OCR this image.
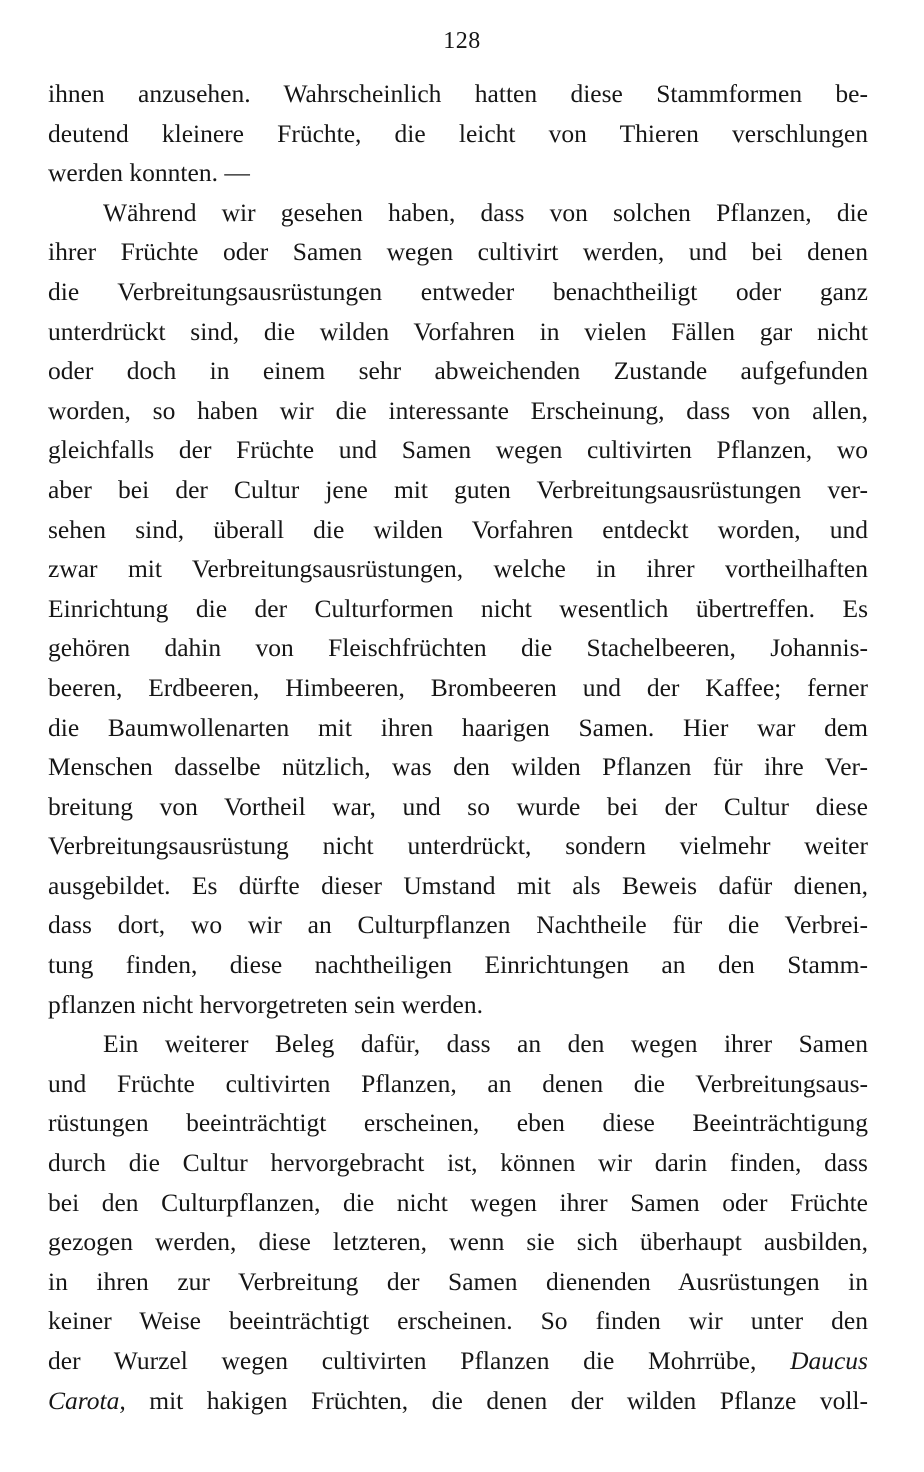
128
ihnen anzusehen. Wahrscheinlich hatten diese Stammformen be-
deutend kleinere Früchte, die leicht von Thieren verschlungen
werden konnten. —
Während wir gesehen haben, dass von solchen Pflanzen, die
ihrer Früchte oder Samen wegen cultivirt werden, und bei denen
die Verbreitungsausrüstungen entweder benachtheiligt oder ganz
unterdrückt sind, die wilden Vorfahren in vielen Fällen gar nicht
oder doch in einem sehr abweichenden Zustande aufgefunden
worden, so haben wir die interessante Erscheinung, dass von allen,
gleichfalls der Früchte und Samen wegen cultivirten Pflanzen, wo
aber bei der Cultur jene mit guten Verbreitungsausrüstungen ver-
sehen sind, überall die wilden Vorfahren entdeckt worden, und
zwar mit Verbreitungsausrüstungen, welche in ihrer vortheilhaften
Einrichtung die der Culturformen nicht wesentlich übertreffen. Es
gehören dahin von Fleischfrüchten die Stachelbeeren, Johannis-
beeren, Erdbeeren, Himbeeren, Brombeeren und der Kaffee; ferner
die Baumwollenarten mit ihren haarigen Samen. Hier war dem
Menschen dasselbe nützlich, was den wilden Pflanzen für ihre Ver-
breitung von Vortheil war, und so wurde bei der Cultur diese
Verbreitungsausrüstung nicht unterdrückt, sondern vielmehr weiter
ausgebildet. Es dürfte dieser Umstand mit als Beweis dafür dienen,
dass dort, wo wir an Culturpflanzen Nachtheile für die Verbrei-
tung finden, diese nachtheiligen Einrichtungen an den Stamm-
pflanzen nicht hervorgetreten sein werden.
Ein weiterer Beleg dafür, dass an den wegen ihrer Samen
und Früchte cultivirten Pflanzen, an denen die Verbreitungsaus-
rüstungen beeinträchtigt erscheinen, eben diese Beeinträchtigung
durch die Cultur hervorgebracht ist, können wir darin finden, dass
bei den Culturpflanzen, die nicht wegen ihrer Samen oder Früchte
gezogen werden, diese letzteren, wenn sie sich überhaupt ausbilden,
in ihren zur Verbreitung der Samen dienenden Ausrüstungen in
keiner Weise beeinträchtigt erscheinen. So finden wir unter den
der Wurzel wegen cultivirten Pflanzen die Mohrrübe, Daucus
Carota, mit hakigen Früchten, die denen der wilden Pflanze voll-
